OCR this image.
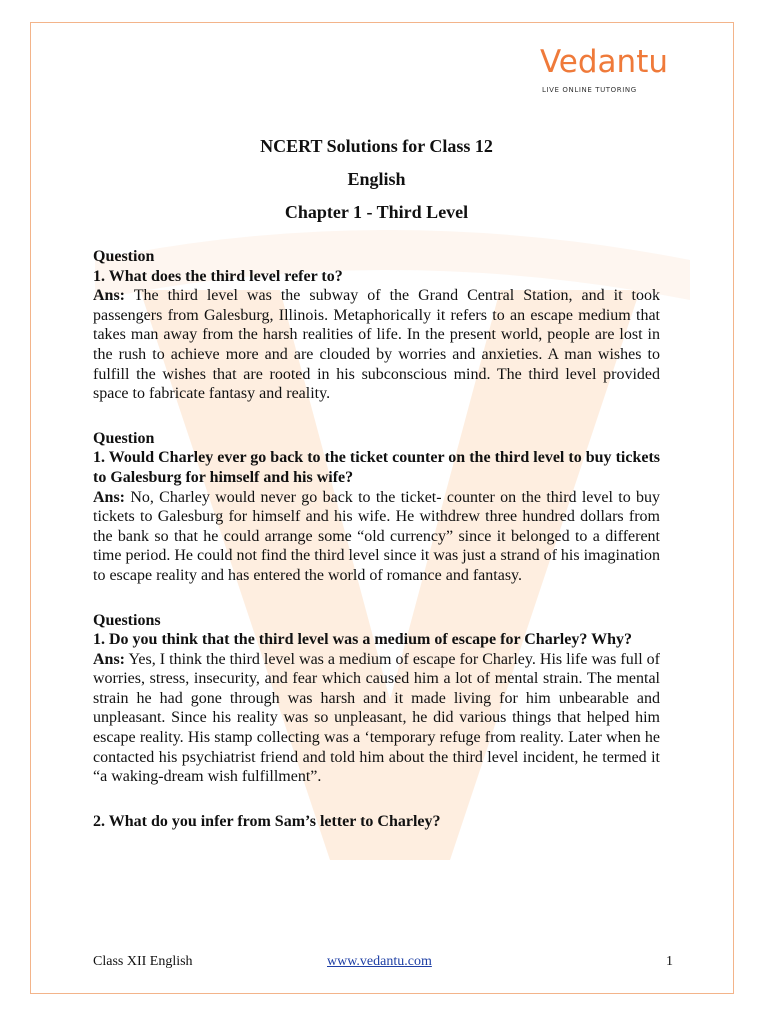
Vedantu
LIVE ONLINE TUTORING
NCERT Solutions for Class 12
English
Chapter 1 - Third Level
Question
1. What does the third level refer to?
Ans: The third level was the subway of the Grand Central Station, and it took passengers from Galesburg, Illinois. Metaphorically it refers to an escape medium that takes man away from the harsh realities of life. In the present world, people are lost in the rush to achieve more and are clouded by worries and anxieties. A man wishes to fulfill the wishes that are rooted in his subconscious mind. The third level provided space to fabricate fantasy and reality.
Question
1. Would Charley ever go back to the ticket counter on the third level to buy tickets to Galesburg for himself and his wife?
Ans: No, Charley would never go back to the ticket- counter on the third level to buy tickets to Galesburg for himself and his wife. He withdrew three hundred dollars from the bank so that he could arrange some “old currency” since it belonged to a different time period. He could not find the third level since it was just a strand of his imagination to escape reality and has entered the world of romance and fantasy.
Questions
1. Do you think that the third level was a medium of escape for Charley? Why?
Ans: Yes, I think the third level was a medium of escape for Charley. His life was full of worries, stress, insecurity, and fear which caused him a lot of mental strain. The mental strain he had gone through was harsh and it made living for him unbearable and unpleasant. Since his reality was so unpleasant, he did various things that helped him escape reality. His stamp collecting was a ‘temporary refuge from reality. Later when he contacted his psychiatrist friend and told him about the third level incident, he termed it “a waking-dream wish fulfillment”.
2. What do you infer from Sam’s letter to Charley?
Class XII English	www.vedantu.com	1
